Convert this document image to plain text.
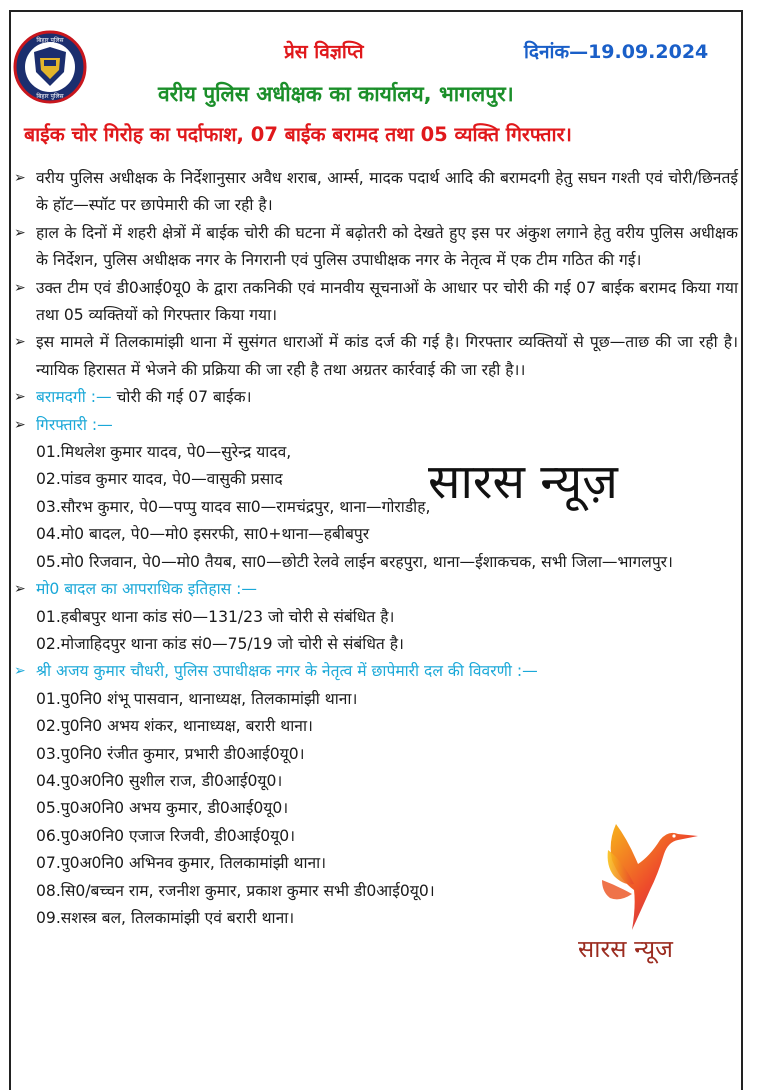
बिहार पुलिस
बिहार पुलिस
प्रेस विज्ञप्ति	दिनांक—19.09.2024
वरीय पुलिस अधीक्षक का कार्यालय, भागलपुर।
बाईक चोर गिरोह का पर्दाफाश, 07 बाईक बरामद तथा 05 व्यक्ति गिरफ्तार।
➢ वरीय पुलिस अधीक्षक के निर्देशानुसार अवैध शराब, आर्म्स, मादक पदार्थ आदि की बरामदगी हेतु सघन गश्ती एवं चोरी/छिनतई के हॉट—स्पॉट पर छापेमारी की जा रही है।
➢ हाल के दिनों में शहरी क्षेत्रों में बाईक चोरी की घटना में बढ़ोतरी को देखते हुए इस पर अंकुश लगाने हेतु वरीय पुलिस अधीक्षक के निर्देशन, पुलिस अधीक्षक नगर के निगरानी एवं पुलिस उपाधीक्षक नगर के नेतृत्व में एक टीम गठित की गई।
➢ उक्त टीम एवं डी0आई0यू0 के द्वारा तकनिकी एवं मानवीय सूचनाओं के आधार पर चोरी की गई 07 बाईक बरामद किया गया तथा 05 व्यक्तियों को गिरफ्तार किया गया।
➢ इस मामले में तिलकामांझी थाना में सुसंगत धाराओं में कांड दर्ज की गई है। गिरफ्तार व्यक्तियों से पूछ—ताछ की जा रही है। न्यायिक हिरासत में भेजने की प्रक्रिया की जा रही है तथा अग्रतर कार्रवाई की जा रही है।।
➢ बरामदगी :— चोरी की गई 07 बाईक।
➢ गिरफ्तारी :—
01.मिथलेश कुमार यादव, पे0—सुरेन्द्र यादव,
02.पांडव कुमार यादव, पे0—वासुकी प्रसाद
03.सौरभ कुमार, पे0—पप्पु यादव सा0—रामचंद्रपुर, थाना—गोराडीह,
04.मो0 बादल, पे0—मो0 इसरफी, सा0+थाना—हबीबपुर
05.मो0 रिजवान, पे0—मो0 तैयब, सा0—छोटी रेलवे लाईन बरहपुरा, थाना—ईशाकचक, सभी जिला—भागलपुर।
➢ मो0 बादल का आपराधिक इतिहास :—
01.हबीबपुर थाना कांड सं0—131/23 जो चोरी से संबंधित है।
02.मोजाहिदपुर थाना कांड सं0—75/19 जो चोरी से संबंधित है।
➢ श्री अजय कुमार चौधरी, पुलिस उपाधीक्षक नगर के नेतृत्व में छापेमारी दल की विवरणी :—
01.पु0नि0 शंभू पासवान, थानाध्यक्ष, तिलकामांझी थाना।
02.पु0नि0 अभय शंकर, थानाध्यक्ष, बरारी थाना।
03.पु0नि0 रंजीत कुमार, प्रभारी डी0आई0यू0।
04.पु0अ0नि0 सुशील राज, डी0आई0यू0।
05.पु0अ0नि0 अभय कुमार, डी0आई0यू0।
06.पु0अ0नि0 एजाज रिजवी, डी0आई0यू0।
07.पु0अ0नि0 अभिनव कुमार, तिलकामांझी थाना।
08.सि0/बच्चन राम, रजनीश कुमार, प्रकाश कुमार सभी डी0आई0यू0।
09.सशस्त्र बल, तिलकामांझी एवं बरारी थाना।
सारस न्यूज़
सारस न्यूज
